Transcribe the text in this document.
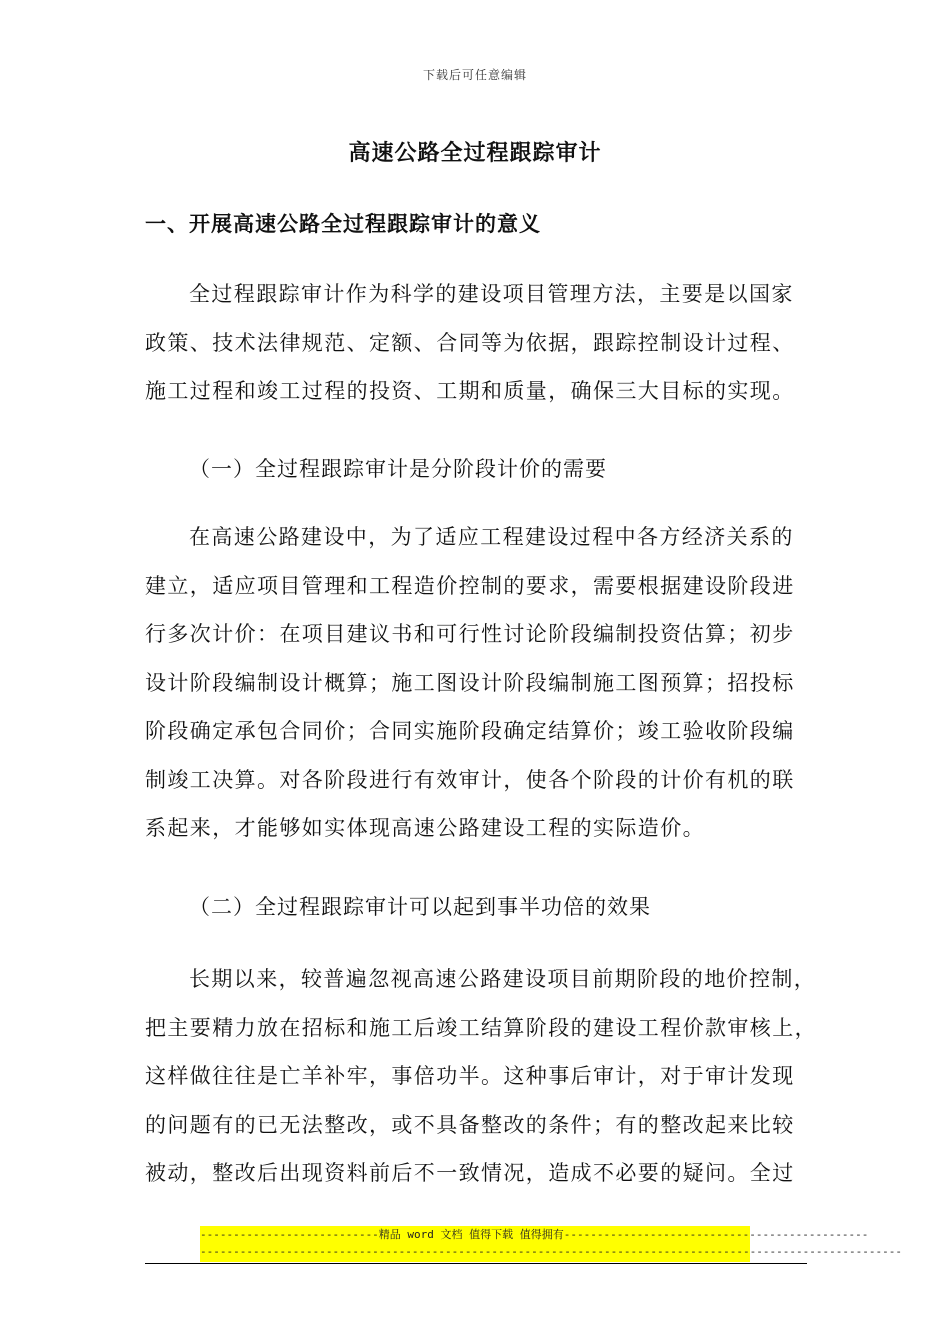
下载后可任意编辑
高速公路全过程跟踪审计
一、开展高速公路全过程跟踪审计的意义
全过程跟踪审计作为科学的建设项目管理方法，主要是以国家
政策、技术法律规范、定额、合同等为依据，跟踪控制设计过程、
施工过程和竣工过程的投资、工期和质量，确保三大目标的实现。
（一）全过程跟踪审计是分阶段计价的需要
在高速公路建设中，为了适应工程建设过程中各方经济关系的
建立，适应项目管理和工程造价控制的要求，需要根据建设阶段进
行多次计价：在项目建议书和可行性讨论阶段编制投资估算；初步
设计阶段编制设计概算；施工图设计阶段编制施工图预算；招投标
阶段确定承包合同价；合同实施阶段确定结算价；竣工验收阶段编
制竣工决算。对各阶段进行有效审计，使各个阶段的计价有机的联
系起来，才能够如实体现高速公路建设工程的实际造价。
（二）全过程跟踪审计可以起到事半功倍的效果
长期以来，较普遍忽视高速公路建设项目前期阶段的地价控制，
把主要精力放在招标和施工后竣工结算阶段的建设工程价款审核上，
这样做往往是亡羊补牢，事倍功半。这种事后审计，对于审计发现
的问题有的已无法整改，或不具备整改的条件；有的整改起来比较
被动，整改后出现资料前后不一致情况，造成不必要的疑问。全过
---------------------------精品 word 文档 值得下载 值得拥有----------------------------------------------
----------------------------------------------------------------------------------------------------------
